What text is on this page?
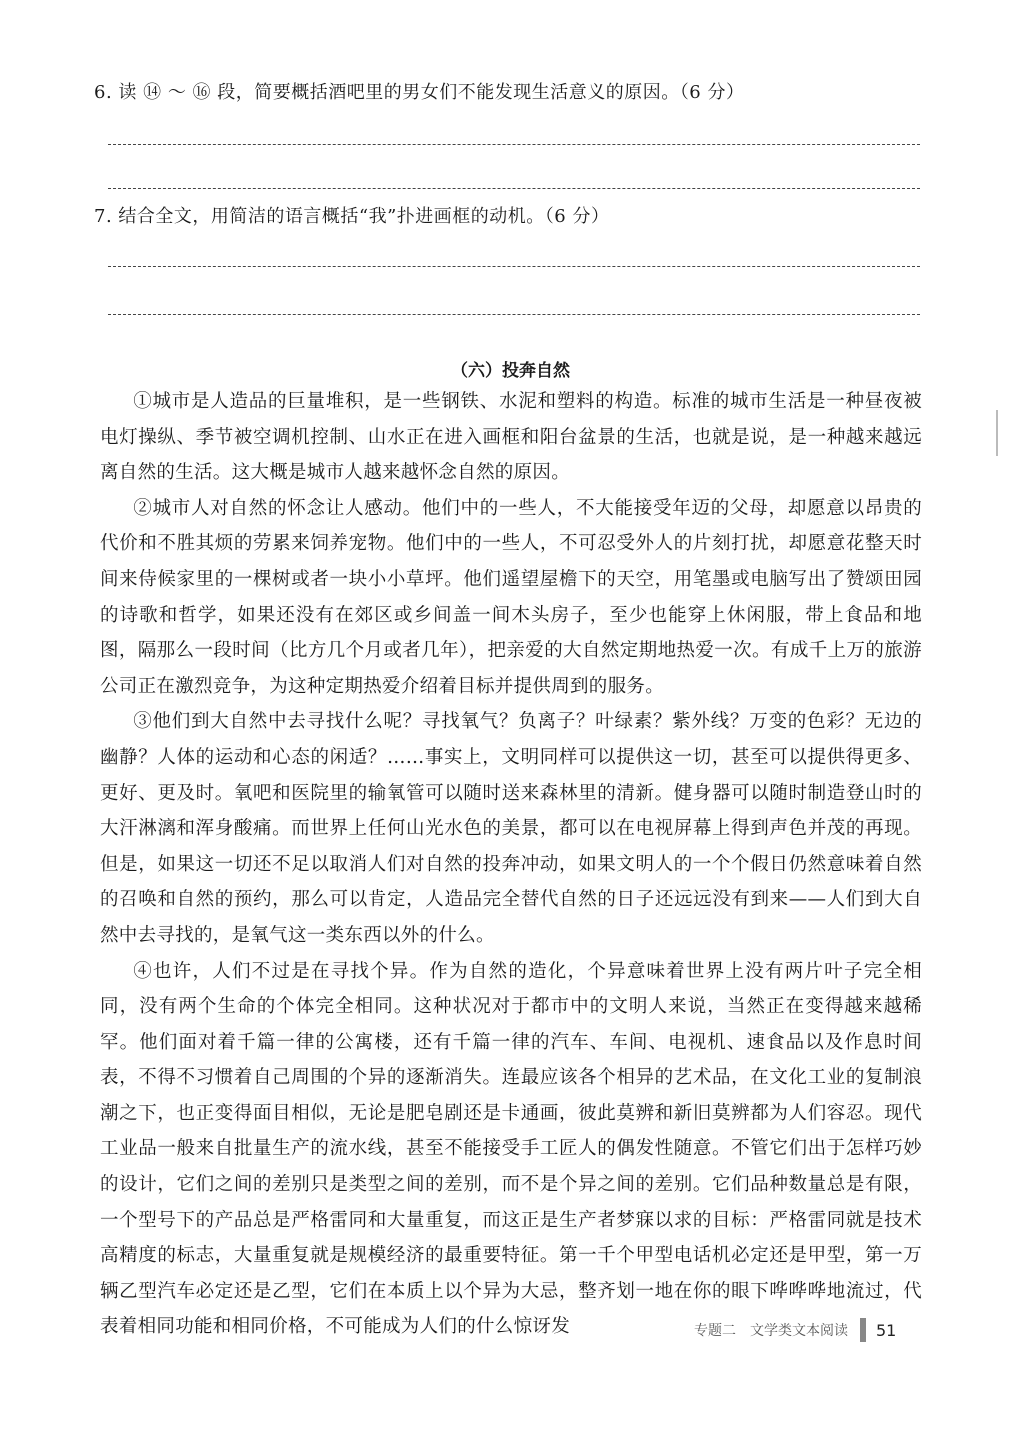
6. 读 ⑭ ～ ⑯ 段，简要概括酒吧里的男女们不能发现生活意义的原因。（6 分）
7. 结合全文，用简洁的语言概括“我”扑进画框的动机。（6 分）
（六）投奔自然

①城市是人造品的巨量堆积，是一些钢铁、水泥和塑料的构造。标准的城市生活是一种昼夜被电灯操纵、季节被空调机控制、山水正在进入画框和阳台盆景的生活，也就是说，是一种越来越远离自然的生活。这大概是城市人越来越怀念自然的原因。

②城市人对自然的怀念让人感动。他们中的一些人，不大能接受年迈的父母，却愿意以昂贵的代价和不胜其烦的劳累来饲养宠物。他们中的一些人，不可忍受外人的片刻打扰，却愿意花整天时间来侍候家里的一棵树或者一块小小草坪。他们遥望屋檐下的天空，用笔墨或电脑写出了赞颂田园的诗歌和哲学，如果还没有在郊区或乡间盖一间木头房子，至少也能穿上休闲服，带上食品和地图，隔那么一段时间（比方几个月或者几年），把亲爱的大自然定期地热爱一次。有成千上万的旅游公司正在激烈竞争，为这种定期热爱介绍着目标并提供周到的服务。

③他们到大自然中去寻找什么呢？寻找氧气？负离子？叶绿素？紫外线？万变的色彩？无边的幽静？人体的运动和心态的闲适？……事实上，文明同样可以提供这一切，甚至可以提供得更多、更好、更及时。氧吧和医院里的输氧管可以随时送来森林里的清新。健身器可以随时制造登山时的大汗淋漓和浑身酸痛。而世界上任何山光水色的美景，都可以在电视屏幕上得到声色并茂的再现。但是，如果这一切还不足以取消人们对自然的投奔冲动，如果文明人的一个个假日仍然意味着自然的召唤和自然的预约，那么可以肯定，人造品完全替代自然的日子还远远没有到来——人们到大自然中去寻找的，是氧气这一类东西以外的什么。

④也许，人们不过是在寻找个异。作为自然的造化，个异意味着世界上没有两片叶子完全相同，没有两个生命的个体完全相同。这种状况对于都市中的文明人来说，当然正在变得越来越稀罕。他们面对着千篇一律的公寓楼，还有千篇一律的汽车、车间、电视机、速食品以及作息时间表，不得不习惯着自己周围的个异的逐渐消失。连最应该各个相异的艺术品，在文化工业的复制浪潮之下，也正变得面目相似，无论是肥皂剧还是卡通画，彼此莫辨和新旧莫辨都为人们容忍。现代工业品一般来自批量生产的流水线，甚至不能接受手工匠人的偶发性随意。不管它们出于怎样巧妙的设计，它们之间的差别只是类型之间的差别，而不是个异之间的差别。它们品种数量总是有限，一个型号下的产品总是严格雷同和大量重复，而这正是生产者梦寐以求的目标：严格雷同就是技术高精度的标志，大量重复就是规模经济的最重要特征。第一千个甲型电话机必定还是甲型，第一万辆乙型汽车必定还是乙型，它们在本质上以个异为大忌，整齐划一地在你的眼下哗哗哗地流过，代表着相同功能和相同价格，不可能成为人们的什么惊讶发	专题二　文学类文本阅读 51
